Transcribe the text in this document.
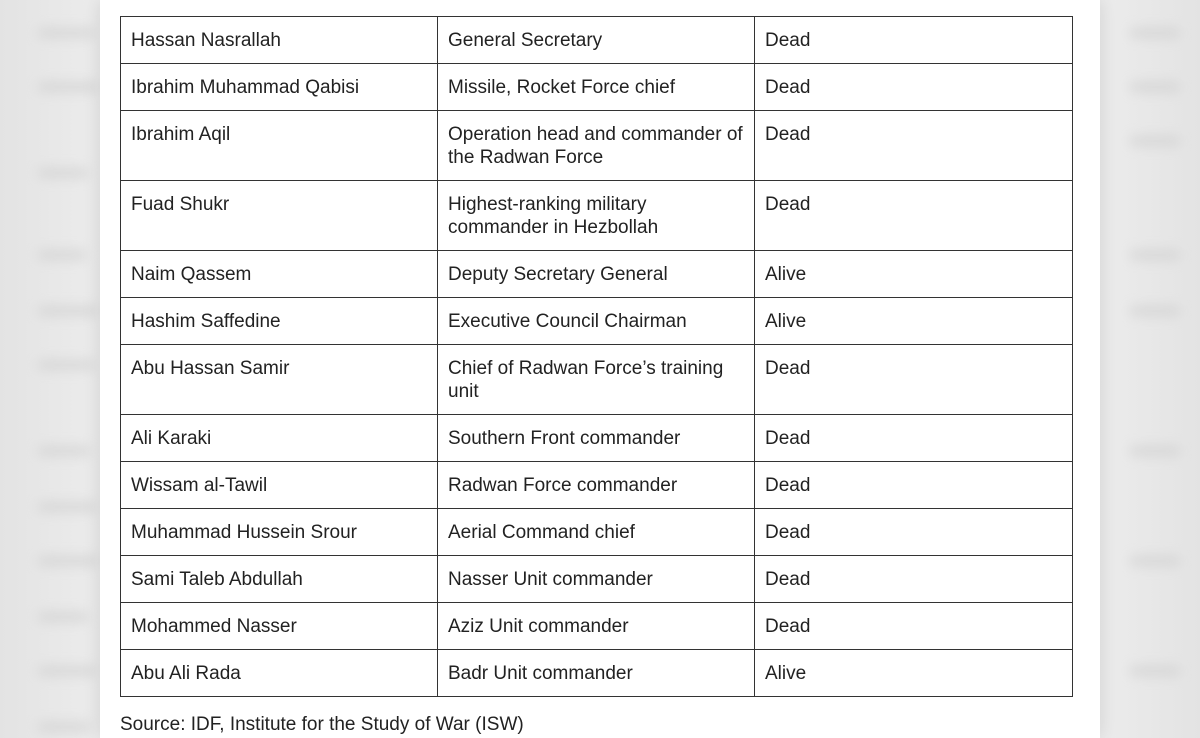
Hassan Nasrallah	General Secretary	Dead

Ibrahim Muhammad Qabisi	Missile, Rocket Force chief	Dead

Ibrahim Aqil	Operation head and commander of the Radwan Force	Dead

Fuad Shukr	Highest-ranking military commander in Hezbollah	Dead

Naim Qassem	Deputy Secretary General	Alive

Hashim Saffedine	Executive Council Chairman	Alive

Abu Hassan Samir	Chief of Radwan Force’s training unit	Dead

Ali Karaki	Southern Front commander	Dead

Wissam al-Tawil	Radwan Force commander	Dead

Muhammad Hussein Srour	Aerial Command chief	Dead

Sami Taleb Abdullah	Nasser Unit commander	Dead

Mohammed Nasser	Aziz Unit commander	Dead

Abu Ali Rada	Badr Unit commander	Alive
Source: IDF, Institute for the Study of War (ISW)
